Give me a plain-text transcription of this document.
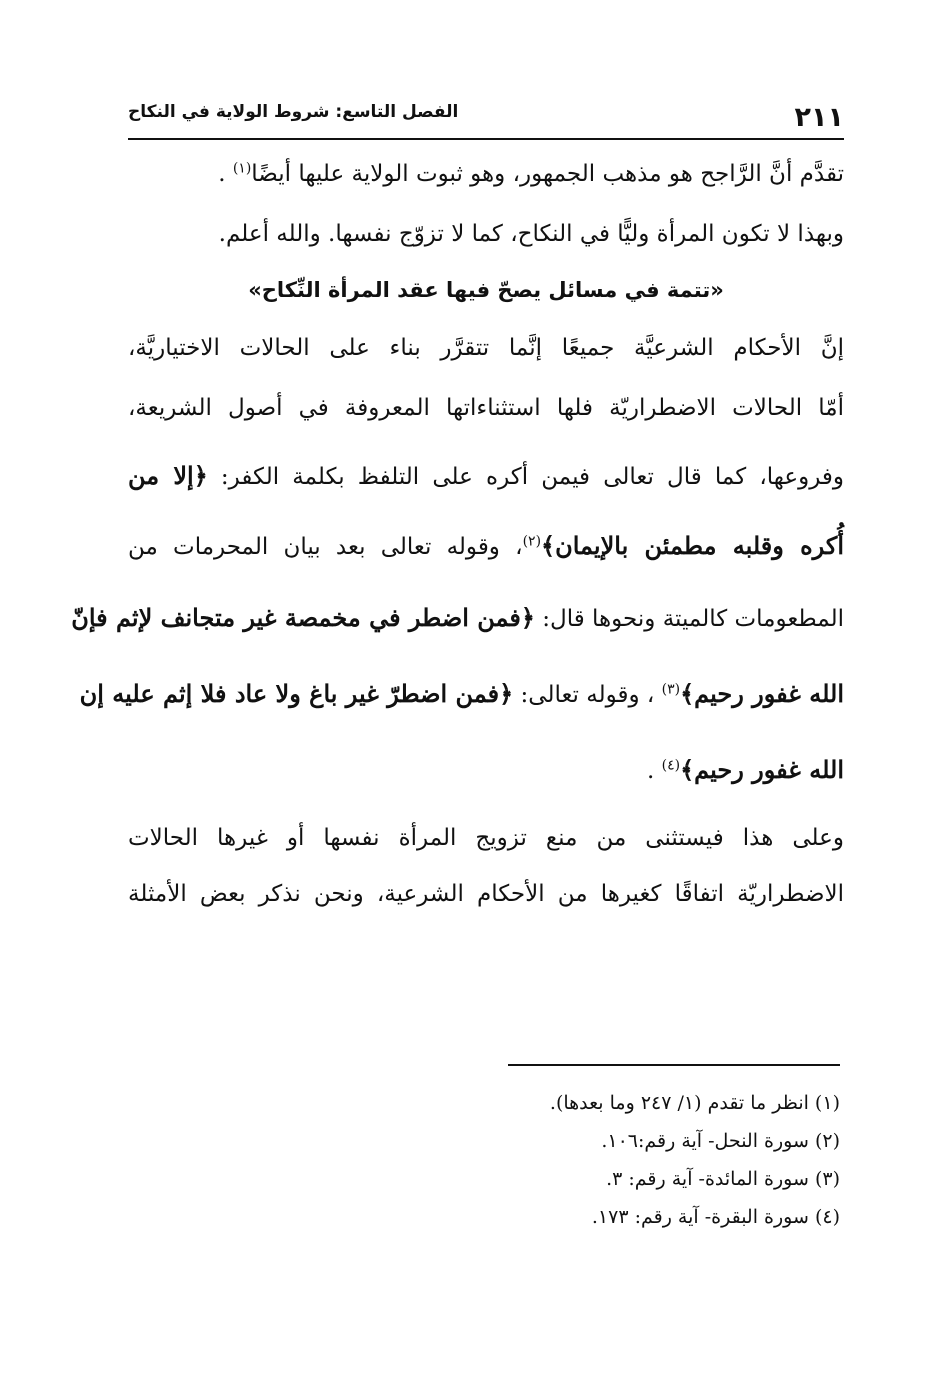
٢١١
الفصل التاسع: شروط الولاية في النكاح

تقدَّم أنَّ الرَّاجح هو مذهب الجمهور، وهو ثبوت الولاية عليها أيضًا$^{(١)}$ .

وبهذا لا تكون المرأة وليًّا في النكاح، كما لا تزوّج نفسها. والله أعلم.

«تتمة في مسائل يصحّ فيها عقد المرأة النِّكاح»

إنَّ الأحكام الشرعيَّة جميعًا إنَّما تتقرَّر بناء على الحالات الاختياريَّة،

أمّا الحالات الاضطراريّة فلها استثناءاتها المعروفة في أصول الشريعة،

وفروعها، كما قال تعالى فيمن أكره على التلفظ بكلمة الكفر: ﴿إلا من

أُكره وقلبه مطمئن بالإيمان﴾$^{(٢)}$، وقوله تعالى بعد بيان المحرمات من

المطعومات كالميتة ونحوها قال: ﴿فمن اضطر في مخمصة غير متجانف لإثم فإنّ

الله غفور رحيم﴾$^{(٣)}$ ، وقوله تعالى: ﴿فمن اضطرّ غير باغ ولا عاد فلا إثم عليه إن

الله غفور رحيم﴾$^{(٤)}$ .

وعلى هذا فيستثنى من منع تزويج المرأة نفسها أو غيرها الحالات

الاضطراريّة اتفاقًا كغيرها من الأحكام الشرعية، ونحن نذكر بعض الأمثلة

(١) انظر ما تقدم (١/ ٢٤٧ وما بعدها).
(٢) سورة النحل- آية رقم:١٠٦.
(٣) سورة المائدة- آية رقم: ٣.
(٤) سورة البقرة- آية رقم: ١٧٣.
